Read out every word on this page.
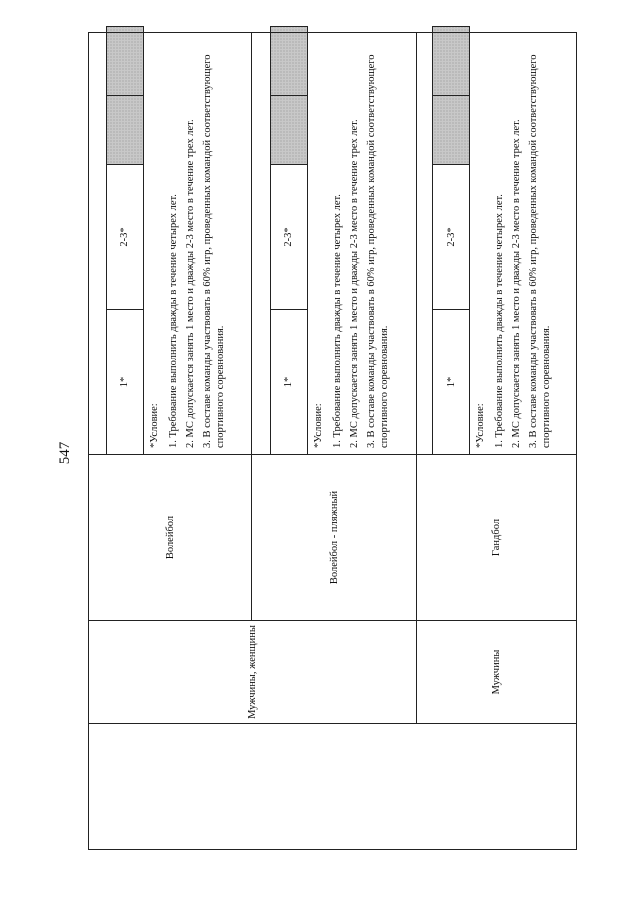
547
	Мужчины, женщины	Волейбол	
1*	2-3*		
*Условие: 1. Требование выполнить дважды в течение четырех лет. 2. МС допускается занять 1 место и дважды 2-3 место в течение трех лет. 3. В составе команды участвовать в 60% игр, проведенных командой соответствующего спортивного соревнования.

Волейбол - пляжный	
1*	2-3*		
*Условие: 1. Требование выполнить дважды в течение четырех лет. 2. МС допускается занять 1 место и дважды 2-3 место в течение трех лет. 3. В составе команды участвовать в 60% игр, проведенных командой соответствующего спортивного соревнования.

Мужчины	Гандбол	
1*	2-3*		
*Условие: 1. Требование выполнить дважды в течение четырех лет. 2. МС допускается занять 1 место и дважды 2-3 место в течение трех лет. 3. В составе команды участвовать в 60% игр, проведенных командой соответствующего спортивного соревнования.
